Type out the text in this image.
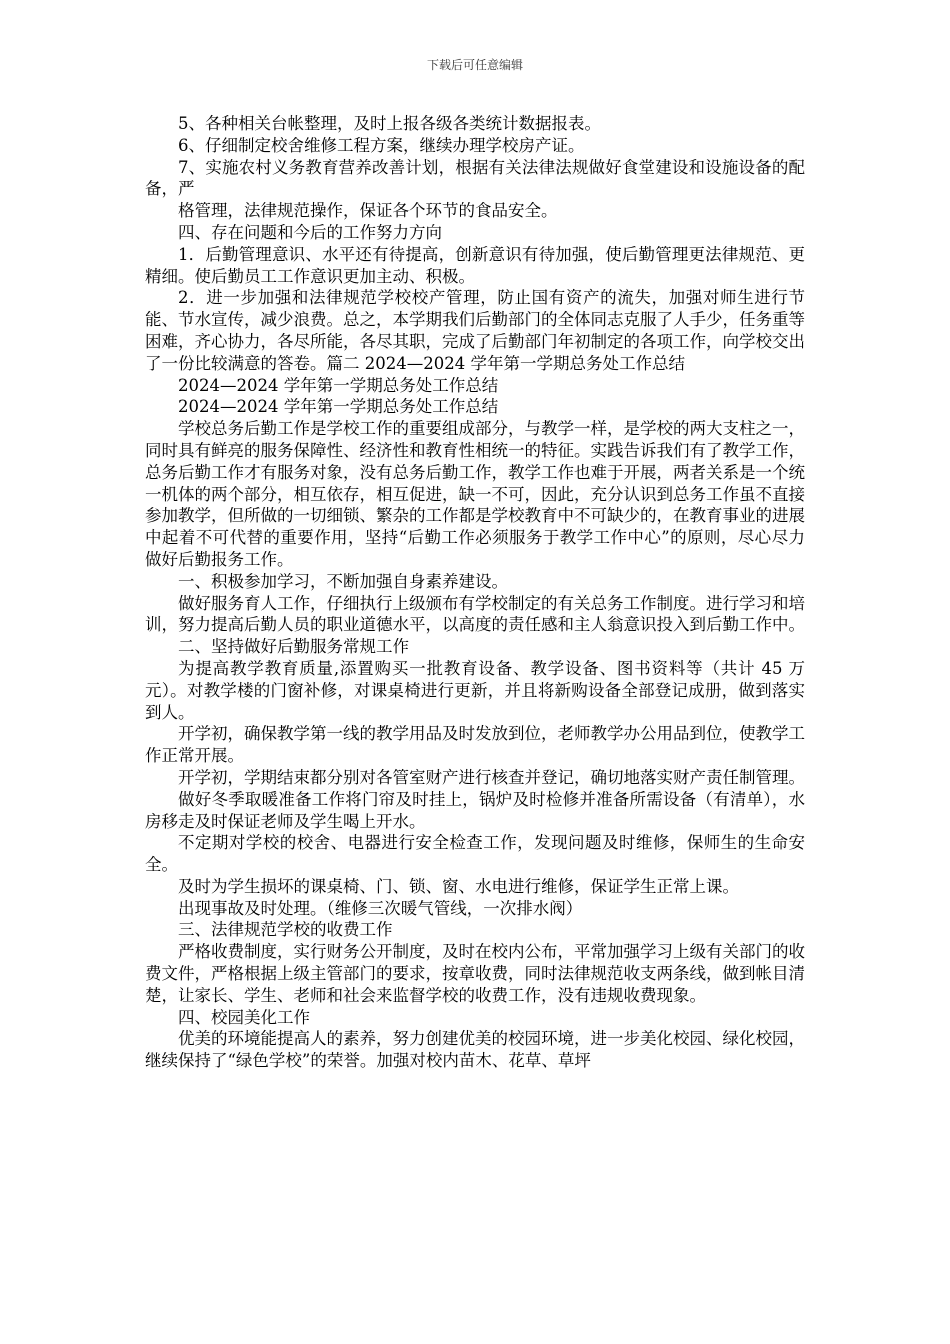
下载后可任意编辑

5、各种相关台帐整理，及时上报各级各类统计数据报表。

6、仔细制定校舍维修工程方案，继续办理学校房产证。

7、实施农村义务教育营养改善计划，根据有关法律法规做好食堂建设和设施设备的配备，严

格管理，法律规范操作，保证各个环节的食品安全。

四、存在问题和今后的工作努力方向

1．后勤管理意识、水平还有待提高，创新意识有待加强，使后勤管理更法律规范、更精细。使后勤员工工作意识更加主动、积极。

2．进一步加强和法律规范学校校产管理，防止国有资产的流失，加强对师生进行节能、节水宣传，减少浪费。总之，本学期我们后勤部门的全体同志克服了人手少，任务重等困难，齐心协力，各尽所能，各尽其职，完成了后勤部门年初制定的各项工作，向学校交出了一份比较满意的答卷。篇二 2024—2024 学年第一学期总务处工作总结

2024—2024 学年第一学期总务处工作总结

2024—2024 学年第一学期总务处工作总结

学校总务后勤工作是学校工作的重要组成部分，与教学一样，是学校的两大支柱之一，同时具有鲜亮的服务保障性、经济性和教育性相统一的特征。实践告诉我们有了教学工作，总务后勤工作才有服务对象，没有总务后勤工作，教学工作也难于开展，两者关系是一个统一机体的两个部分，相互依存，相互促进，缺一不可，因此，充分认识到总务工作虽不直接参加教学，但所做的一切细锁、繁杂的工作都是学校教育中不可缺少的，在教育事业的进展中起着不可代替的重要作用，坚持“后勤工作必须服务于教学工作中心”的原则，尽心尽力做好后勤报务工作。

一、积极参加学习，不断加强自身素养建设。

做好服务育人工作，仔细执行上级颁布有学校制定的有关总务工作制度。进行学习和培训，努力提高后勤人员的职业道德水平，以高度的责任感和主人翁意识投入到后勤工作中。

二、坚持做好后勤服务常规工作

为提高教学教育质量,添置购买一批教育设备、教学设备、图书资料等（共计 45 万元）。对教学楼的门窗补修，对课桌椅进行更新，并且将新购设备全部登记成册，做到落实到人。

开学初，确保教学第一线的教学用品及时发放到位，老师教学办公用品到位，使教学工作正常开展。

开学初，学期结束都分别对各管室财产进行核查并登记，确切地落实财产责任制管理。

做好冬季取暖准备工作将门帘及时挂上，锅炉及时检修并准备所需设备（有清单），水房移走及时保证老师及学生喝上开水。

不定期对学校的校舍、电器进行安全检查工作，发现问题及时维修，保师生的生命安全。

及时为学生损坏的课桌椅、门、锁、窗、水电进行维修，保证学生正常上课。

出现事故及时处理。（维修三次暖气管线，一次排水阀）

三、法律规范学校的收费工作

严格收费制度，实行财务公开制度，及时在校内公布，平常加强学习上级有关部门的收费文件，严格根据上级主管部门的要求，按章收费，同时法律规范收支两条线，做到帐目清楚，让家长、学生、老师和社会来监督学校的收费工作，没有违规收费现象。

四、校园美化工作

优美的环境能提高人的素养，努力创建优美的校园环境，进一步美化校园、绿化校园，继续保持了“绿色学校”的荣誉。加强对校内苗木、花草、草坪
